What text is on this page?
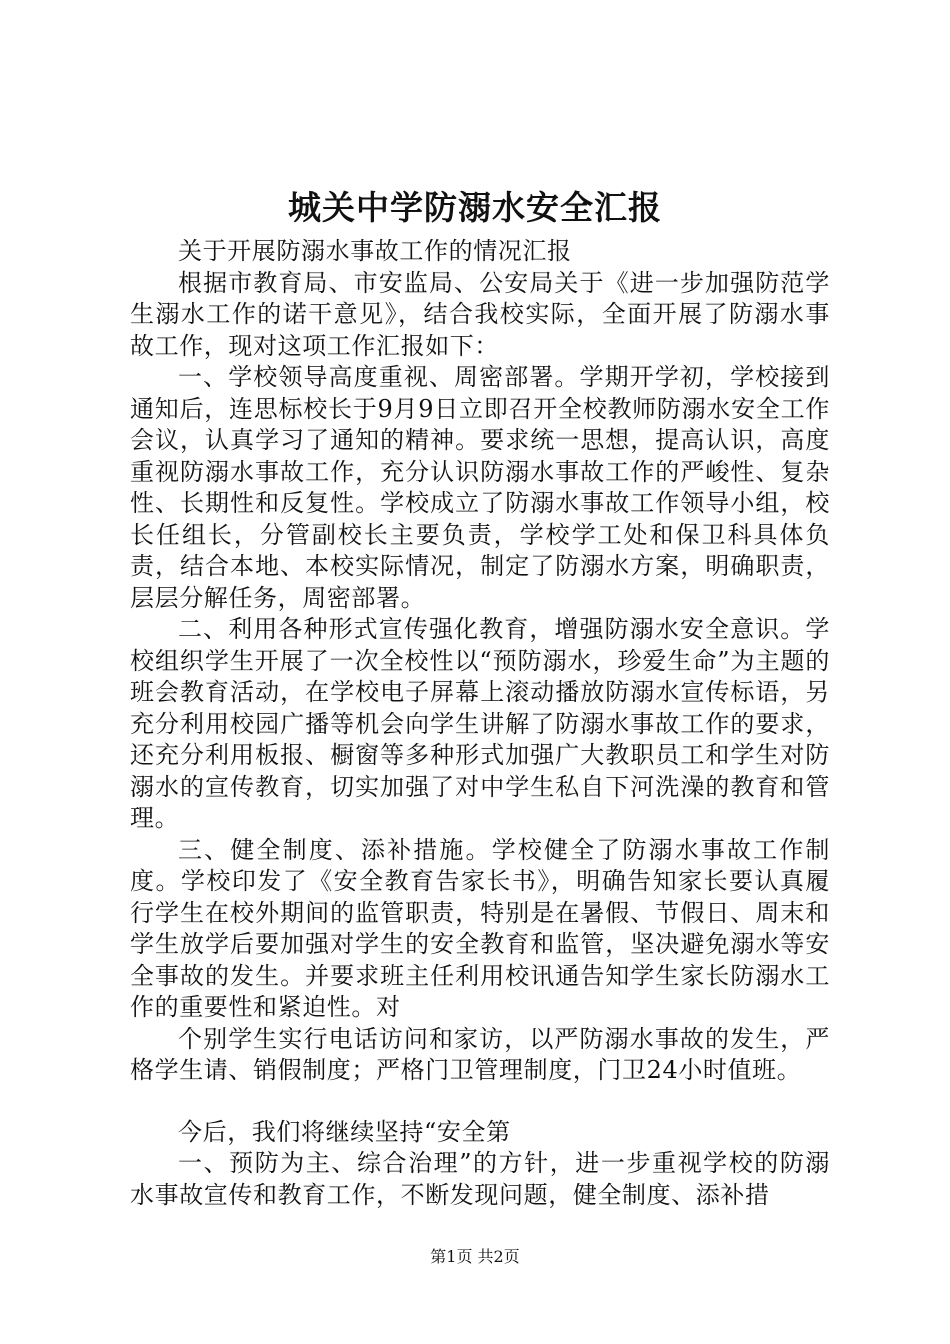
城关中学防溺水安全汇报

关于开展防溺水事故工作的情况汇报

根据市教育局、市安监局、公安局关于《进一步加强防范学生溺水工作的诺干意见》，结合我校实际，全面开展了防溺水事故工作，现对这项工作汇报如下：

一、学校领导高度重视、周密部署。学期开学初，学校接到通知后，连思标校长于9月9日立即召开全校教师防溺水安全工作会议，认真学习了通知的精神。要求统一思想，提高认识，高度重视防溺水事故工作，充分认识防溺水事故工作的严峻性、复杂性、长期性和反复性。学校成立了防溺水事故工作领导小组，校长任组长，分管副校长主要负责，学校学工处和保卫科具体负责，结合本地、本校实际情况，制定了防溺水方案，明确职责，层层分解任务，周密部署。

二、利用各种形式宣传强化教育，增强防溺水安全意识。学校组织学生开展了一次全校性以“预防溺水，珍爱生命”为主题的班会教育活动，在学校电子屏幕上滚动播放防溺水宣传标语，另充分利用校园广播等机会向学生讲解了防溺水事故工作的要求，还充分利用板报、橱窗等多种形式加强广大教职员工和学生对防溺水的宣传教育，切实加强了对中学生私自下河洗澡的教育和管理。

三、健全制度、添补措施。学校健全了防溺水事故工作制度。学校印发了《安全教育告家长书》，明确告知家长要认真履行学生在校外期间的监管职责，特别是在暑假、节假日、周末和学生放学后要加强对学生的安全教育和监管，坚决避免溺水等安全事故的发生。并要求班主任利用校讯通告知学生家长防溺水工作的重要性和紧迫性。对

个别学生实行电话访问和家访，以严防溺水事故的发生，严格学生请、销假制度；严格门卫管理制度，门卫24小时值班。

今后，我们将继续坚持“安全第

一、预防为主、综合治理”的方针，进一步重视学校的防溺水事故宣传和教育工作，不断发现问题，健全制度、添补措

第1页 共2页
